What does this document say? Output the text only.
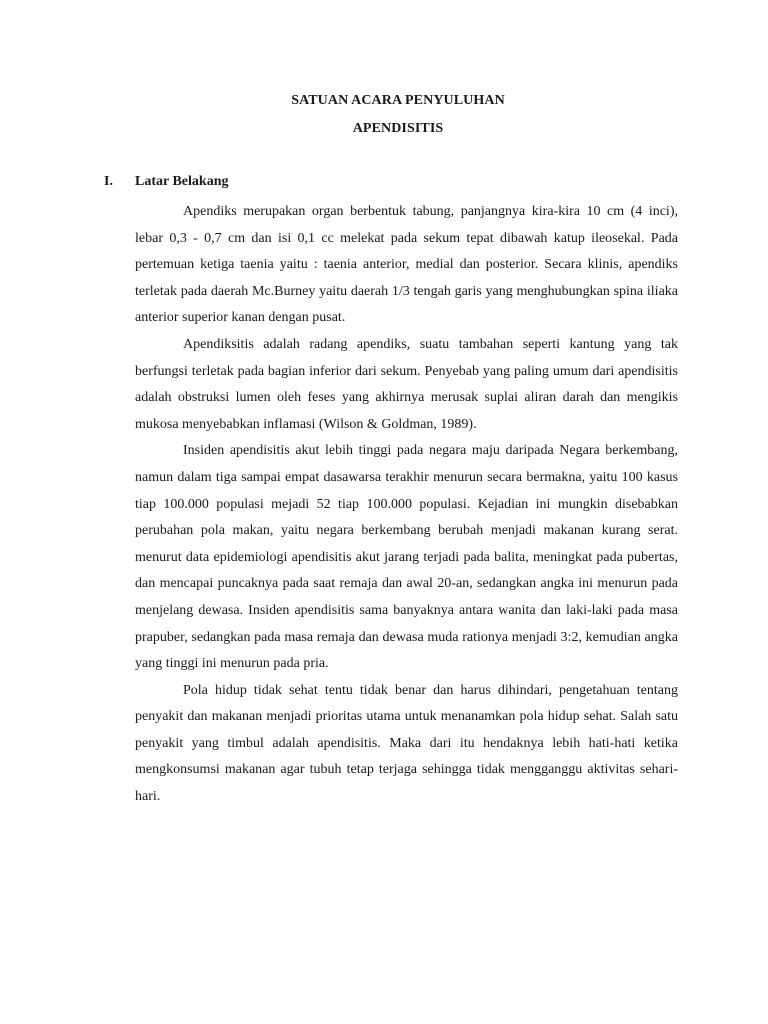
SATUAN ACARA PENYULUHAN
APENDISITIS
I. Latar Belakang

Apendiks merupakan organ berbentuk tabung, panjangnya kira-kira 10 cm (4 inci), lebar 0,3 - 0,7 cm dan isi 0,1 cc melekat pada sekum tepat dibawah katup ileosekal. Pada pertemuan ketiga taenia yaitu : taenia anterior, medial dan posterior. Secara klinis, apendiks terletak pada daerah Mc.Burney yaitu daerah 1/3 tengah garis yang menghubungkan spina iliaka anterior superior kanan dengan pusat.

Apendiksitis adalah radang apendiks, suatu tambahan seperti kantung yang tak berfungsi terletak pada bagian inferior dari sekum. Penyebab yang paling umum dari apendisitis adalah obstruksi lumen oleh feses yang akhirnya merusak suplai aliran darah dan mengikis mukosa menyebabkan inflamasi (Wilson & Goldman, 1989).

Insiden apendisitis akut lebih tinggi pada negara maju daripada Negara berkembang, namun dalam tiga sampai empat dasawarsa terakhir menurun secara bermakna, yaitu 100 kasus tiap 100.000 populasi mejadi 52 tiap 100.000 populasi. Kejadian ini mungkin disebabkan perubahan pola makan, yaitu negara berkembang berubah menjadi makanan kurang serat. menurut data epidemiologi apendisitis akut jarang terjadi pada balita, meningkat pada pubertas, dan mencapai puncaknya pada saat remaja dan awal 20-an, sedangkan angka ini menurun pada menjelang dewasa. Insiden apendisitis sama banyaknya antara wanita dan laki-laki pada masa prapuber, sedangkan pada masa remaja dan dewasa muda rationya menjadi 3:2, kemudian angka yang tinggi ini menurun pada pria.

Pola hidup tidak sehat tentu tidak benar dan harus dihindari, pengetahuan tentang penyakit dan makanan menjadi prioritas utama untuk menanamkan pola hidup sehat. Salah satu penyakit yang timbul adalah apendisitis. Maka dari itu hendaknya lebih hati-hati ketika mengkonsumsi makanan agar tubuh tetap terjaga sehingga tidak mengganggu aktivitas sehari-hari.
